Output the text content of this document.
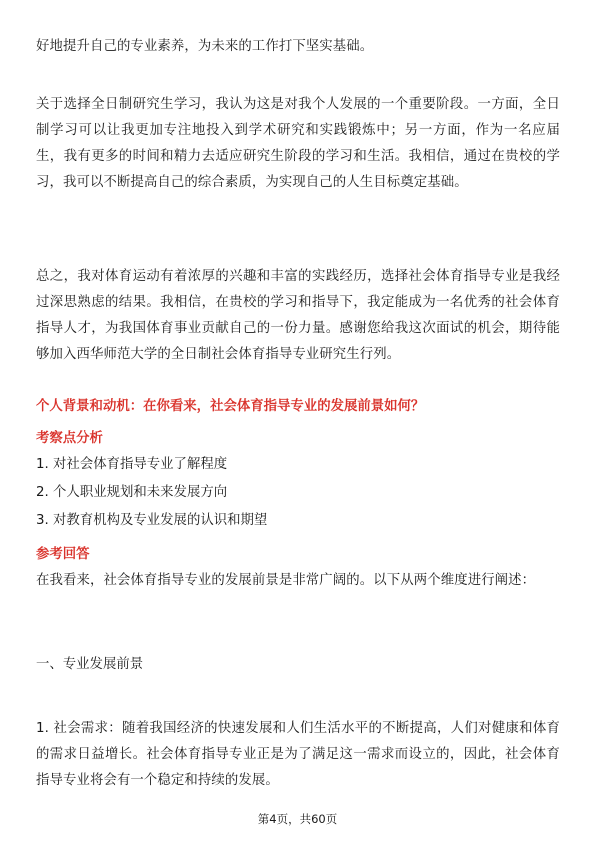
好地提升自己的专业素养，为未来的工作打下坚实基础。

关于选择全日制研究生学习，我认为这是对我个人发展的一个重要阶段。一方面，全日制学习可以让我更加专注地投入到学术研究和实践锻炼中；另一方面，作为一名应届生，我有更多的时间和精力去适应研究生阶段的学习和生活。我相信，通过在贵校的学习，我可以不断提高自己的综合素质，为实现自己的人生目标奠定基础。

总之，我对体育运动有着浓厚的兴趣和丰富的实践经历，选择社会体育指导专业是我经过深思熟虑的结果。我相信，在贵校的学习和指导下，我定能成为一名优秀的社会体育指导人才，为我国体育事业贡献自己的一份力量。感谢您给我这次面试的机会，期待能够加入西华师范大学的全日制社会体育指导专业研究生行列。

个人背景和动机：在你看来，社会体育指导专业的发展前景如何？

考察点分析

1. 对社会体育指导专业了解程度

2. 个人职业规划和未来发展方向

3. 对教育机构及专业发展的认识和期望

参考回答

在我看来，社会体育指导专业的发展前景是非常广阔的。以下从两个维度进行阐述：

一、专业发展前景

1. 社会需求：随着我国经济的快速发展和人们生活水平的不断提高，人们对健康和体育的需求日益增长。社会体育指导专业正是为了满足这一需求而设立的，因此，社会体育指导专业将会有一个稳定和持续的发展。

第4页，共60页
